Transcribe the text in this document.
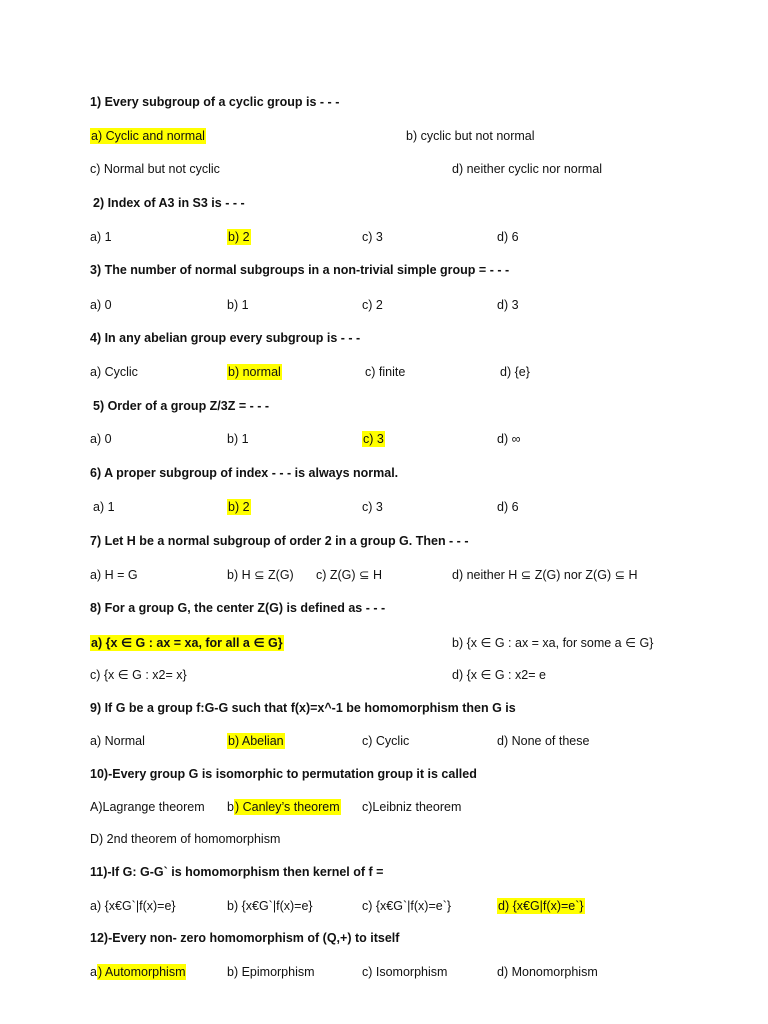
1) Every subgroup of a cyclic group is - - -
a) Cyclic and normal	b) cyclic but not normal
c) Normal but not cyclic	d) neither cyclic nor normal
2) Index of A3 in S3 is - - -
a) 1	b) 2	c) 3	d) 6
3) The number of normal subgroups in a non-trivial simple group = - - -
a) 0	b) 1	c) 2	d) 3
4) In any abelian group every subgroup is - - -
a) Cyclic	b) normal	c) finite	d) {e}
5) Order of a group Z/3Z = - - -
a) 0	b) 1	c) 3	d) ∞
6) A proper subgroup of index - - - is always normal.
a) 1	b) 2	c) 3	d) 6
7) Let H be a normal subgroup of order 2 in a group G. Then - - -
a) H = G	b) H ⊆ Z(G) c) Z(G) ⊆ H	d) neither H ⊆ Z(G) nor Z(G) ⊆ H
8) For a group G, the center Z(G) is defined as - - -
a) {x ∈ G : ax = xa, for all a ∈ G}	b) {x ∈ G : ax = xa, for some a ∈ G}
c) {x ∈ G : x2= x}	d) {x ∈ G : x2= e
9) If G be a group f:G-G such that f(x)=x^-1 be homomorphism then G is
a) Normal	b) Abelian	c) Cyclic	d) None of these
10)-Every group G is isomorphic to permutation group it is called
A)Lagrange theorem b) Canley’s theorem c)Leibniz theorem
D) 2nd theorem of homomorphism
11)-If G: G-G` is homomorphism then kernel of f =
a) {x€G`|f(x)=e}	b) {x€G`|f(x)=e}	c) {x€G`|f(x)=e`}	d) {x€G|f(x)=e`}
12)-Every non- zero homomorphism of (Q,+) to itself
a) Automorphism	b) Epimorphism	c) Isomorphism	d) Monomorphism
